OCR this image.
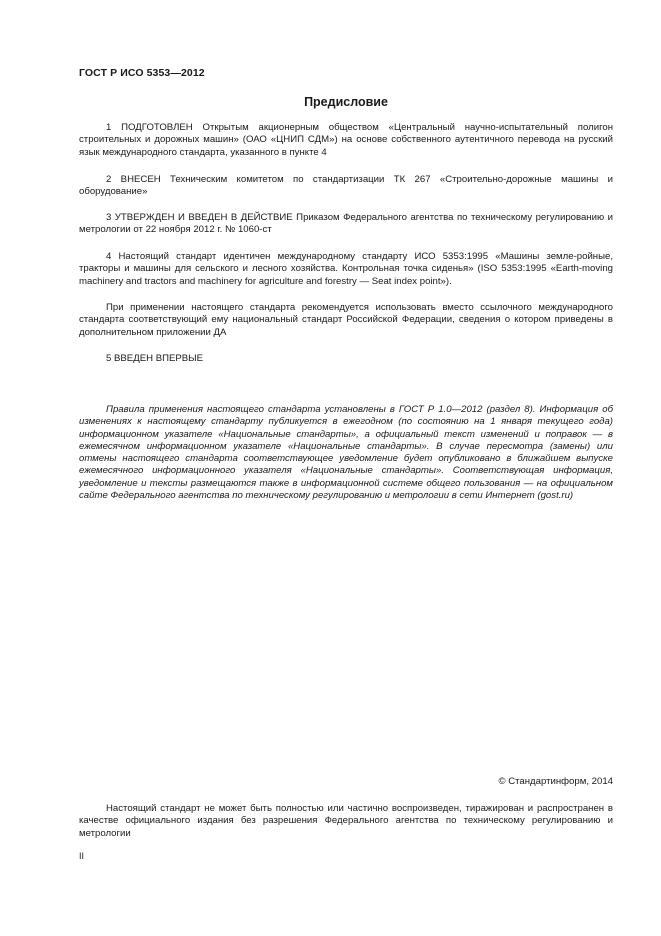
ГОСТ Р ИСО 5353—2012
Предисловие

1 ПОДГОТОВЛЕН Открытым акционерным обществом «Центральный научно-испытательный полигон строительных и дорожных машин» (ОАО «ЦНИП СДМ») на основе собственного аутентичного перевода на русский язык международного стандарта, указанного в пункте 4

2 ВНЕСЕН Техническим комитетом по стандартизации ТК 267 «Строительно-дорожные машины и оборудование»

3 УТВЕРЖДЕН И ВВЕДЕН В ДЕЙСТВИЕ Приказом Федерального агентства по техническому регулированию и метрологии от 22 ноября 2012 г. № 1060-ст

4 Настоящий стандарт идентичен международному стандарту ИСО 5353:1995 «Машины земле-ройные, тракторы и машины для сельского и лесного хозяйства. Контрольная точка сиденья» (ISO 5353:1995 «Earth-moving machinery and tractors and machinery for agriculture and forestry — Seat index point»).

При применении настоящего стандарта рекомендуется использовать вместо ссылочного международного стандарта соответствующий ему национальный стандарт Российской Федерации, сведения о котором приведены в дополнительном приложении ДА

5 ВВЕДЕН ВПЕРВЫЕ

Правила применения настоящего стандарта установлены в ГОСТ Р 1.0—2012 (раздел 8). Информация об изменениях к настоящему стандарту публикуется в ежегодном (по состоянию на 1 января текущего года) информационном указателе «Национальные стандарты», а официальный текст изменений и поправок — в ежемесячном информационном указателе «Национальные стандарты». В случае пересмотра (замены) или отмены настоящего стандарта соответствующее уведомление будет опубликовано в ближайшем выпуске ежемесячного информационного указателя «Национальные стандарты». Соответствующая информация, уведомление и тексты размещаются также в информационной системе общего пользования — на официальном сайте Федерального агентства по техническому регулированию и метрологии в сети Интернет (gost.ru)

© Стандартинформ, 2014

Настоящий стандарт не может быть полностью или частично воспроизведен, тиражирован и распространен в качестве официального издания без разрешения Федерального агентства по техническому регулированию и метрологии

II
